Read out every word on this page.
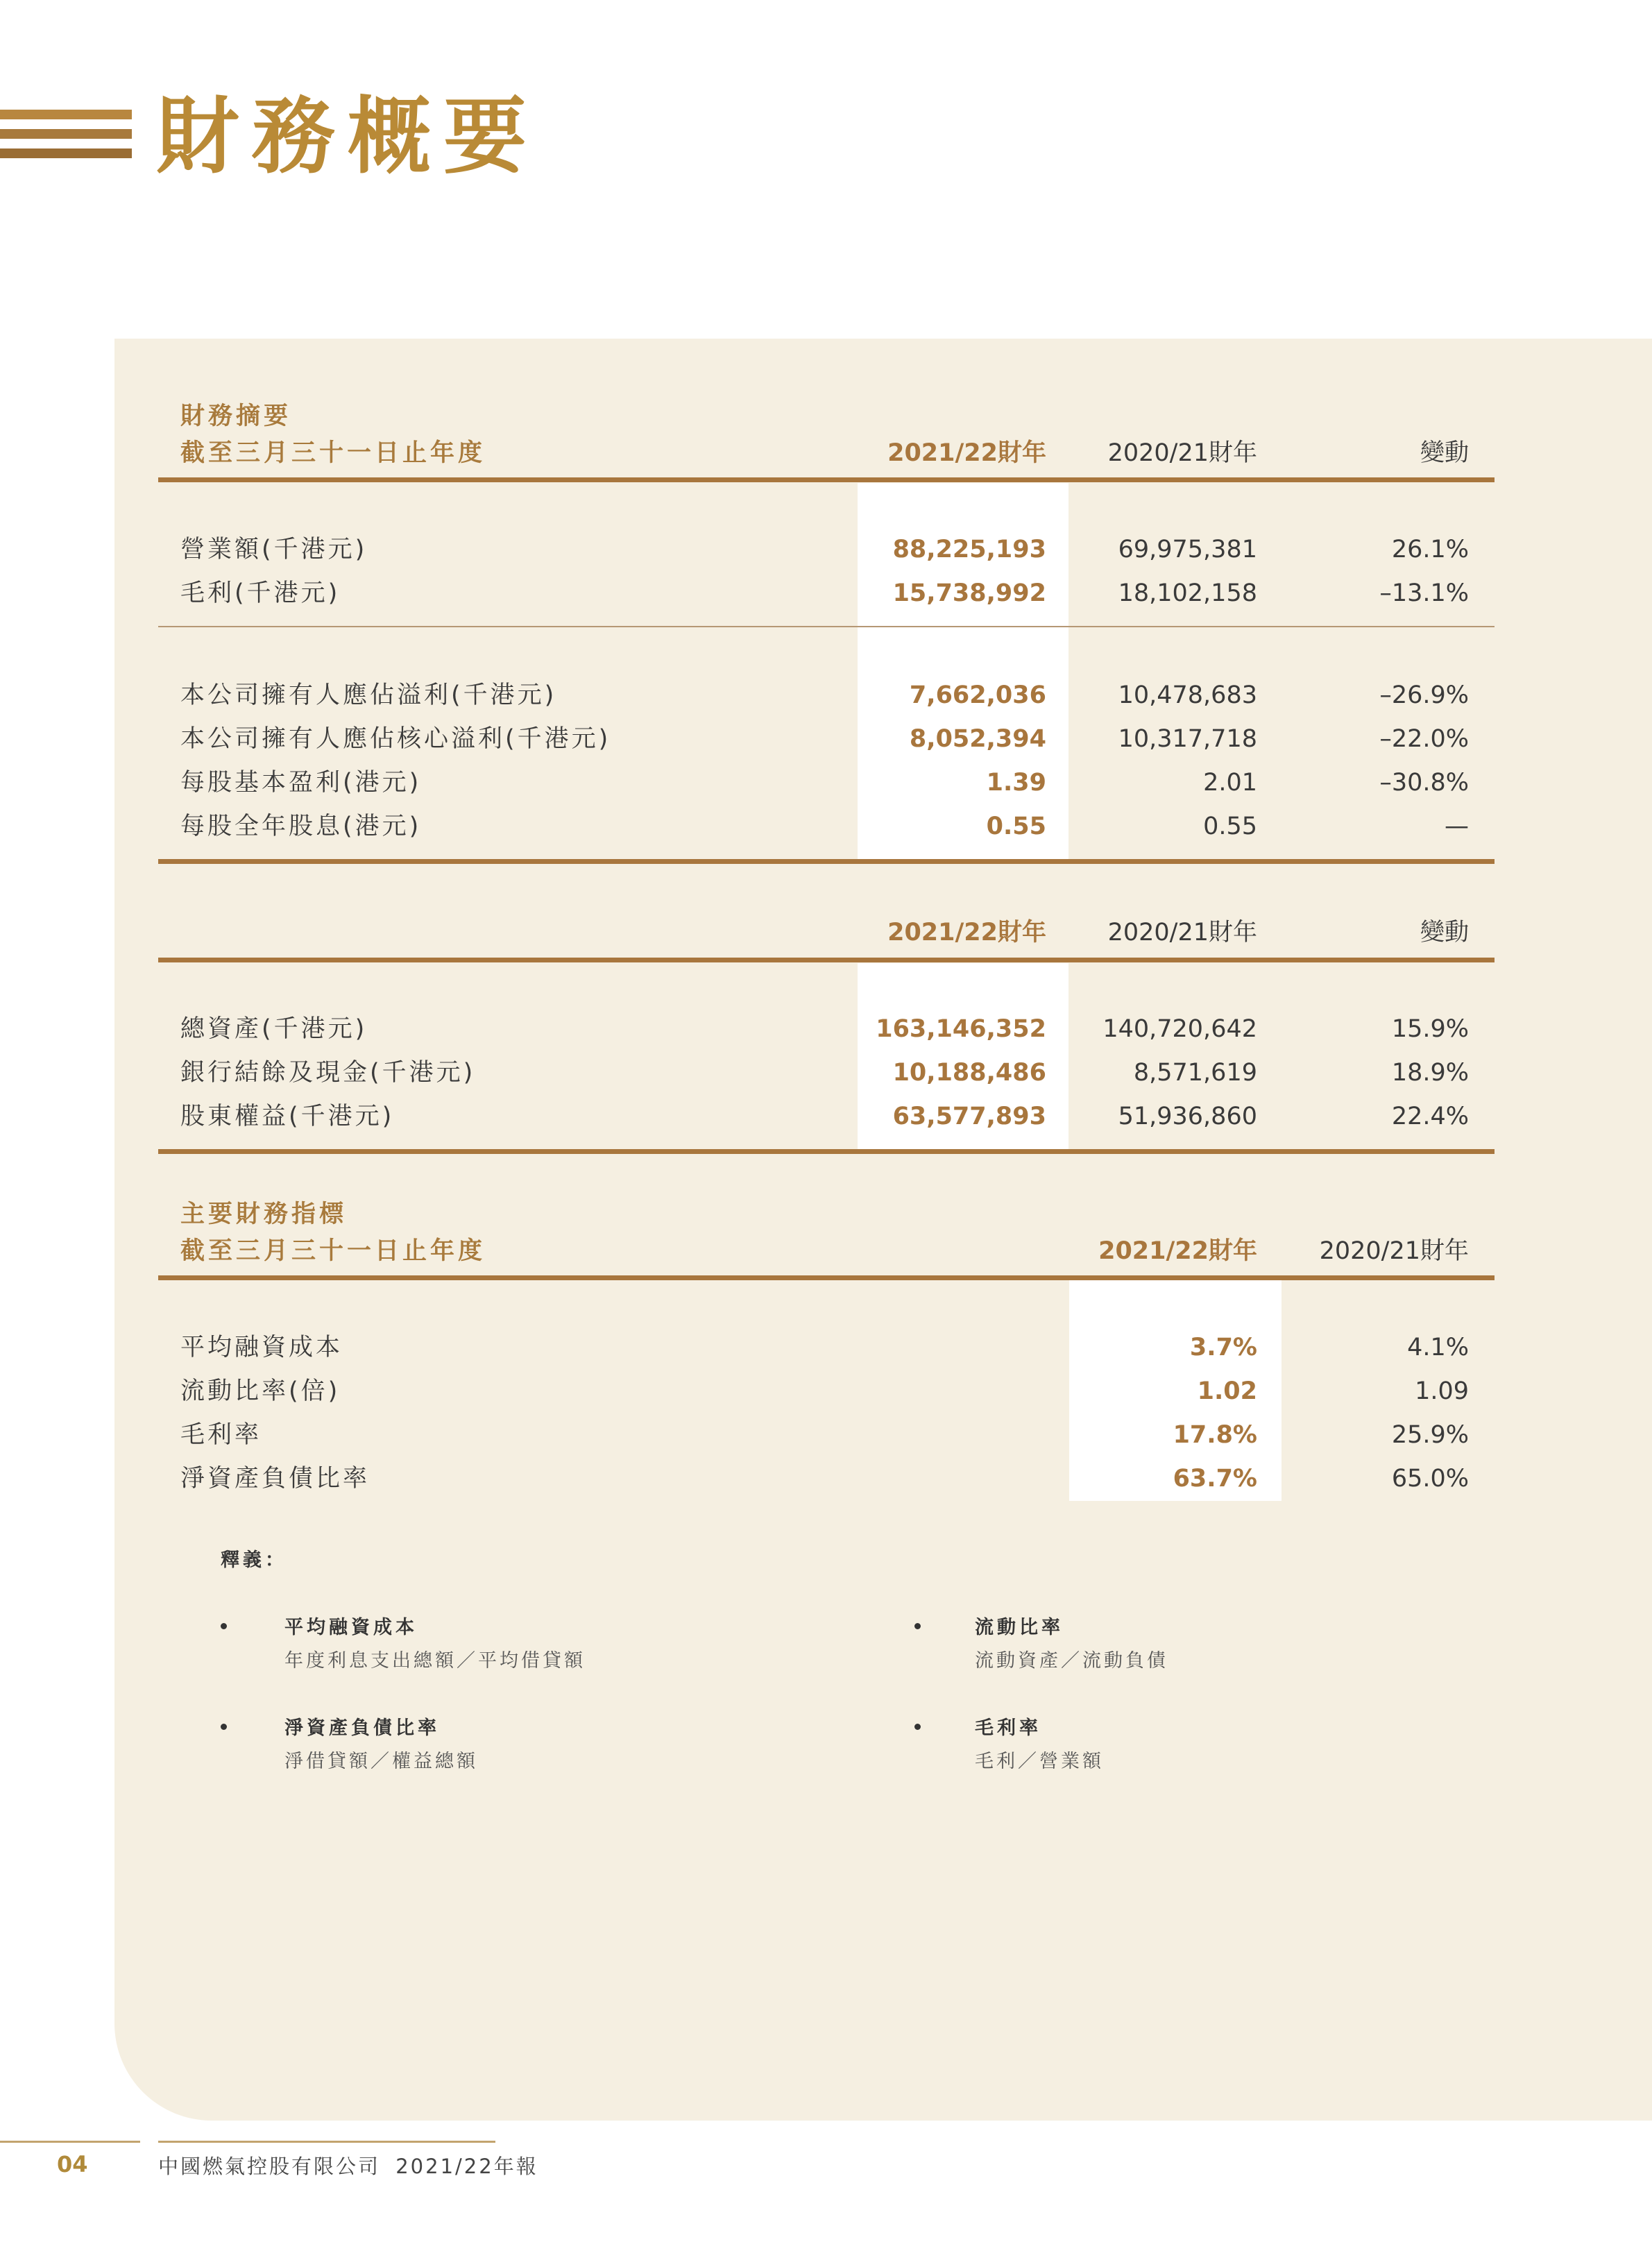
財務概要
財務摘要
截至三月三十一日止年度	2021/22財年	2020/21財年	變動
營業額(千港元)	88,225,193	69,975,381	26.1%
毛利(千港元)	15,738,992	18,102,158	–13.1%
本公司擁有人應佔溢利(千港元)	7,662,036	10,478,683	–26.9%
本公司擁有人應佔核心溢利(千港元)	8,052,394	10,317,718	–22.0%
每股基本盈利(港元)	1.39	2.01	–30.8%
每股全年股息(港元)	0.55	0.55	—
2021/22財年	2020/21財年	變動
總資產(千港元)	163,146,352 140,720,642	15.9%
銀行結餘及現金(千港元)	10,188,486	8,571,619	18.9%
股東權益(千港元)	63,577,893	51,936,860	22.4%
主要財務指標
截至三月三十一日止年度	2021/22財年	2020/21財年
平均融資成本	3.7%	4.1%
流動比率(倍)	1.02	1.09
毛利率	17.8%	25.9%
淨資產負債比率	63.7%	65.0%
釋義：
平均融資成本
年度利息支出總額／平均借貸額
流動比率
流動資產／流動負債
淨資產負債比率
淨借貸額／權益總額
毛利率
毛利／營業額
04	中國燃氣控股有限公司 2021/22年報
